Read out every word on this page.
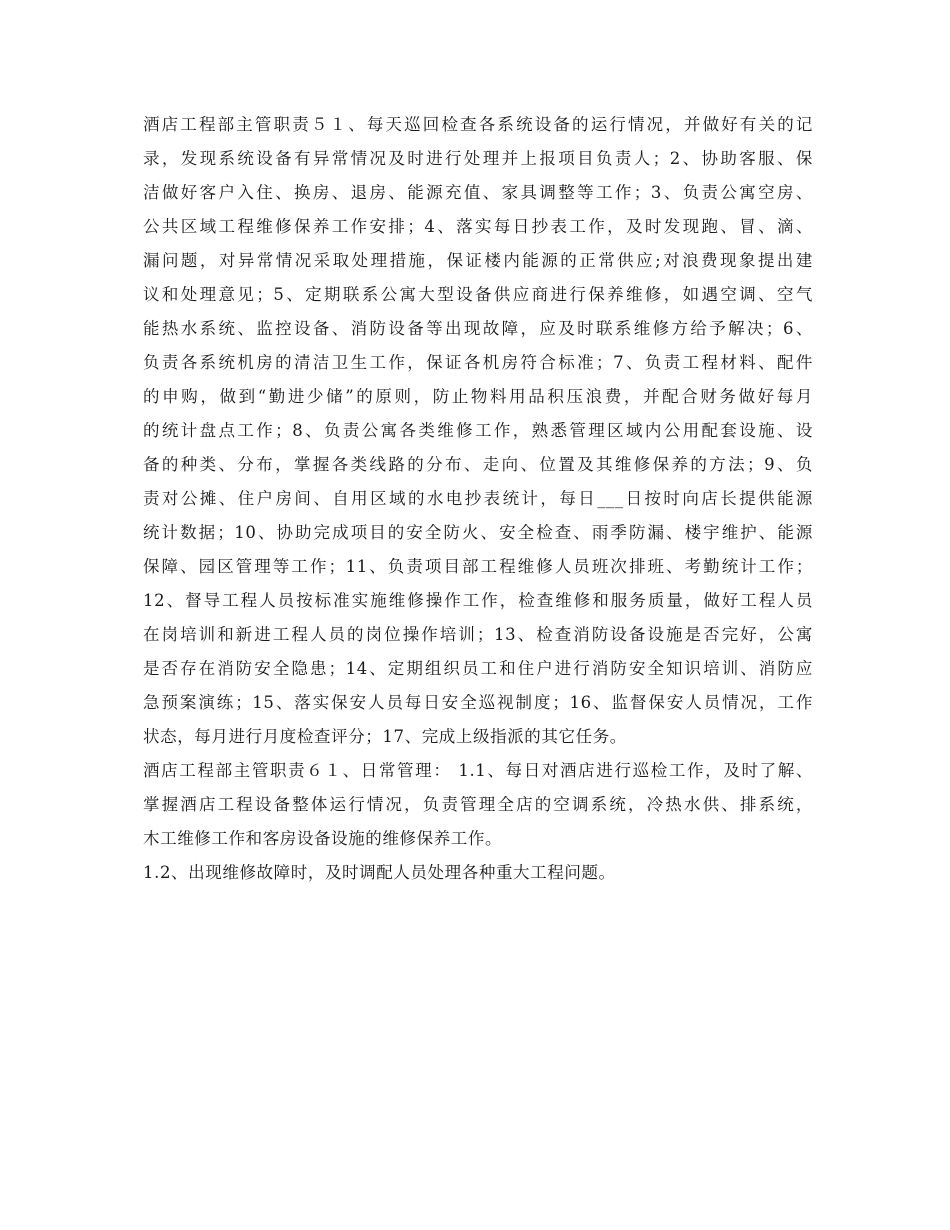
酒店工程部主管职责５１、每天巡回检查各系统设备的运行情况，并做好有关的记
录，发现系统设备有异常情况及时进行处理并上报项目负责人；2、协助客服、保
洁做好客户入住、换房、退房、能源充值、家具调整等工作；3、负责公寓空房、
公共区域工程维修保养工作安排；4、落实每日抄表工作，及时发现跑、冒、滴、
漏问题，对异常情况采取处理措施，保证楼内能源的正常供应;对浪费现象提出建
议和处理意见；5、定期联系公寓大型设备供应商进行保养维修，如遇空调、空气
能热水系统、监控设备、消防设备等出现故障，应及时联系维修方给予解决；6、
负责各系统机房的清洁卫生工作，保证各机房符合标准；7、负责工程材料、配件
的申购，做到“勤进少储”的原则，防止物料用品积压浪费，并配合财务做好每月
的统计盘点工作；8、负责公寓各类维修工作，熟悉管理区域内公用配套设施、设
备的种类、分布，掌握各类线路的分布、走向、位置及其维修保养的方法；9、负
责对公摊、住户房间、自用区域的水电抄表统计，每日___日按时向店长提供能源
统计数据；10、协助完成项目的安全防火、安全检查、雨季防漏、楼宇维护、能源
保障、园区管理等工作；11、负责项目部工程维修人员班次排班、考勤统计工作；
12、督导工程人员按标准实施维修操作工作，检查维修和服务质量，做好工程人员
在岗培训和新进工程人员的岗位操作培训；13、检查消防设备设施是否完好，公寓
是否存在消防安全隐患；14、定期组织员工和住户进行消防安全知识培训、消防应
急预案演练；15、落实保安人员每日安全巡视制度；16、监督保安人员情况，工作
状态，每月进行月度检查评分；17、完成上级指派的其它任务。
酒店工程部主管职责６１、日常管理： 1.1、每日对酒店进行巡检工作，及时了解、
掌握酒店工程设备整体运行情况，负责管理全店的空调系统，冷热水供、排系统，
木工维修工作和客房设备设施的维修保养工作。
1.2、出现维修故障时，及时调配人员处理各种重大工程问题。
